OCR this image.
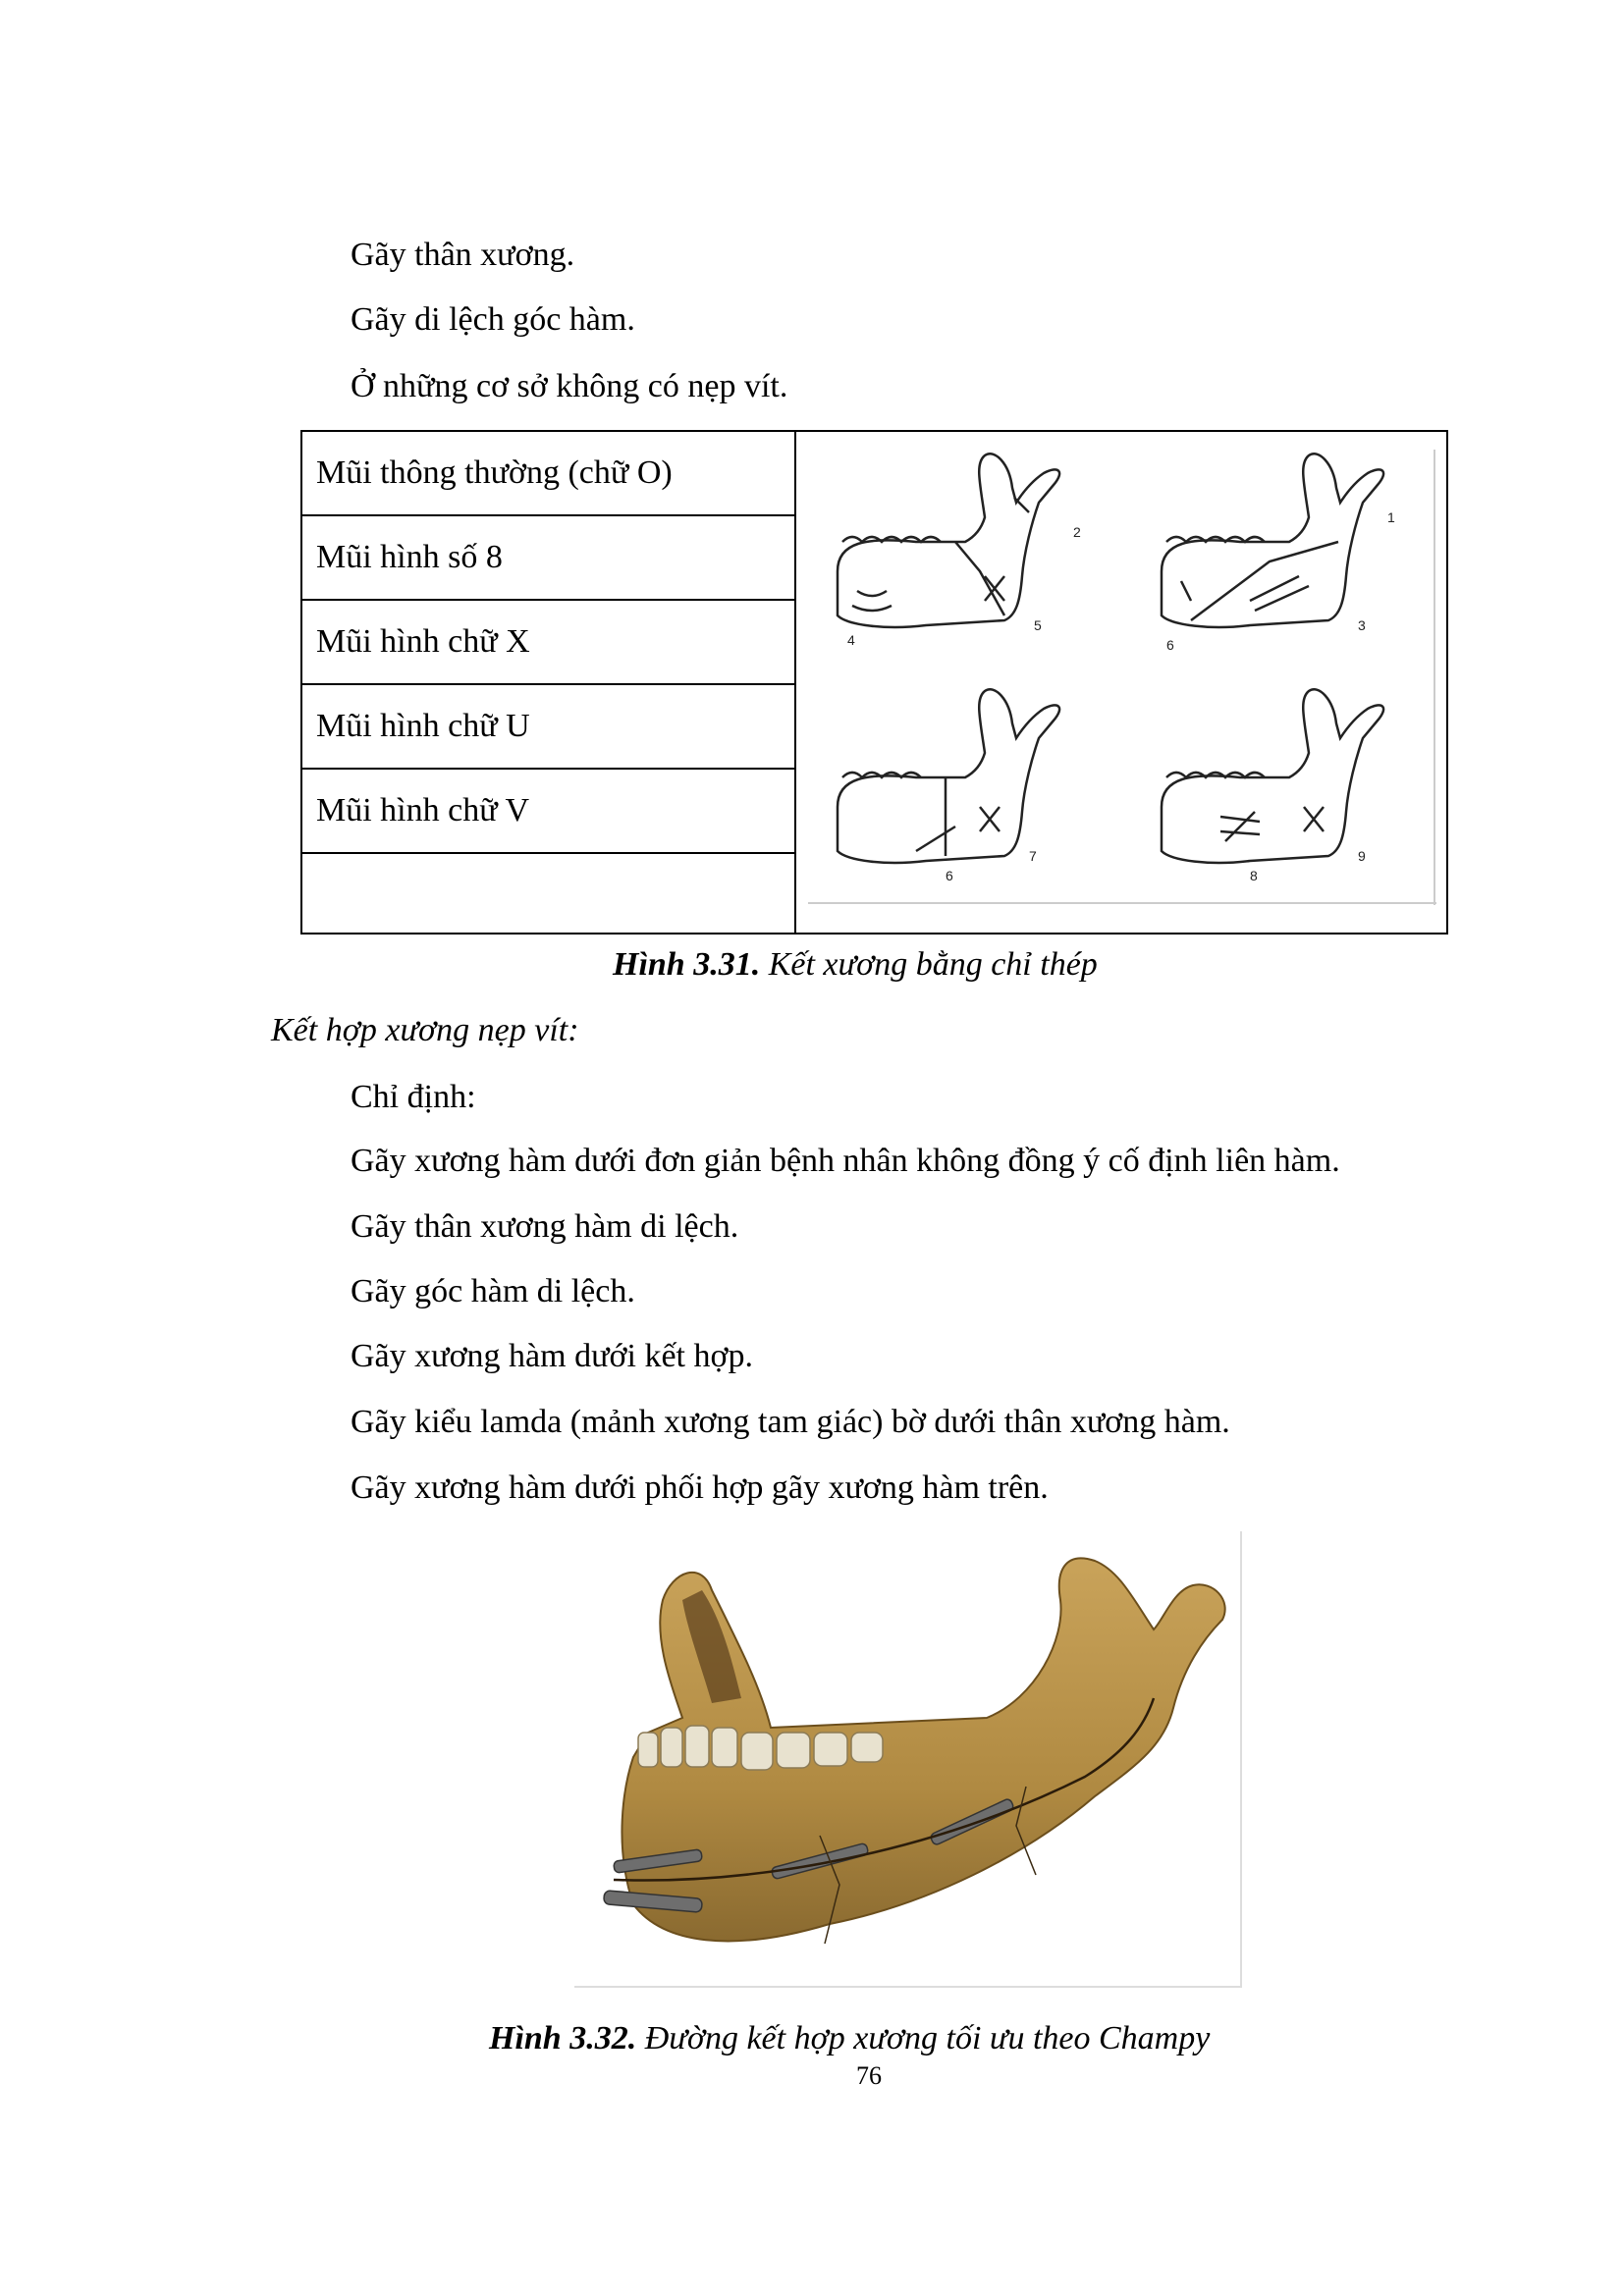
Gãy thân xương.
Gãy di lệch góc hàm.
Ở những cơ sở không có nẹp vít.
Mũi thông thường (chữ O)	
2
1
4
5
6
3
6
7
8
9

Mũi hình số 8
Mũi hình chữ X
Mũi hình chữ U
Mũi hình chữ V

Hình 3.31. Kết xương bằng chỉ thép
Kết hợp xương nẹp vít:
Chỉ định:
Gãy xương hàm dưới đơn giản bệnh nhân không đồng ý cố định liên hàm.
Gãy thân xương hàm di lệch.
Gãy góc hàm di lệch.
Gãy xương hàm dưới kết hợp.
Gãy kiểu lamda (mảnh xương tam giác) bờ dưới thân xương hàm.
Gãy xương hàm dưới phối hợp gãy xương hàm trên.
Hình 3.32. Đường kết hợp xương tối ưu theo Champy
76
